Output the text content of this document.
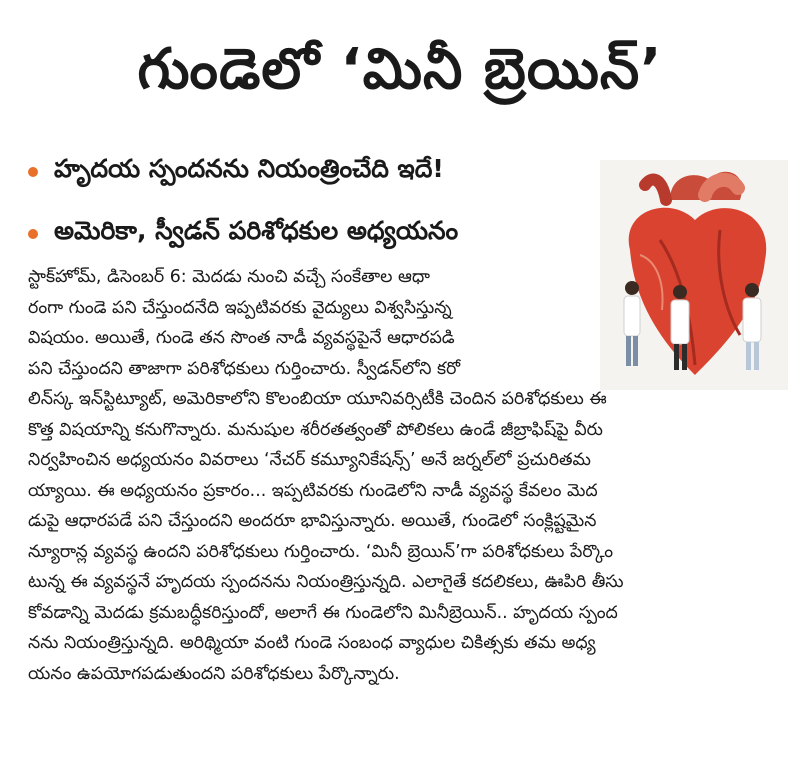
గుండెలో ‘మినీ బ్రెయిన్’
హృదయ స్పందనను నియంత్రించేది ఇదే!
అమెరికా, స్వీడన్ పరిశోధకుల అధ్యయనం
స్టాక్‌హోమ్, డిసెంబర్ 6: మెదడు నుంచి వచ్చే సంకేతాల ఆధా
రంగా గుండె పని చేస్తుందనేది ఇప్పటివరకు వైద్యులు విశ్వసిస్తున్న
విషయం. అయితే, గుండె తన సొంత నాడీ వ్యవస్థపైనే ఆధారపడి
పని చేస్తుందని తాజాగా పరిశోధకులు గుర్తించారు. స్వీడన్‌లోని కరో
లిన్‌స్క ఇన్‌స్టిట్యూట్, అమెరికాలోని కొలంబియా యూనివర్సిటీకి చెందిన పరిశోధకులు ఈ
కొత్త విషయాన్ని కనుగొన్నారు. మనుషుల శరీరతత్వంతో పోలికలు ఉండే జీబ్రాఫిష్‌పై వీరు
నిర్వహించిన అధ్యయనం వివరాలు ‘నేచర్ కమ్యూనికేషన్స్’ అనే జర్నల్‌లో ప్రచురితమ
య్యాయి. ఈ అధ్యయనం ప్రకారం... ఇప్పటివరకు గుండెలోని నాడీ వ్యవస్థ కేవలం మెద
డుపై ఆధారపడే పని చేస్తుందని అందరూ భావిస్తున్నారు. అయితే, గుండెలో సంక్లిష్టమైన
న్యూరాన్ల వ్యవస్థ ఉందని పరిశోధకులు గుర్తించారు. ‘మినీ బ్రెయిన్’గా పరిశోధకులు పేర్కొం
టున్న ఈ వ్యవస్థనే హృదయ స్పందనను నియంత్రిస్తున్నది. ఎలాగైతే కదలికలు, ఊపిరి తీసు
కోవడాన్ని మెదడు క్రమబద్ధీకరిస్తుందో, అలాగే ఈ గుండెలోని మినీబ్రెయిన్.. హృదయ స్పంద
నను నియంత్రిస్తున్నది. అరిథ్మియా వంటి గుండె సంబంధ వ్యాధుల చికిత్సకు తమ అధ్య
యనం ఉపయోగపడుతుందని పరిశోధకులు పేర్కొన్నారు.
